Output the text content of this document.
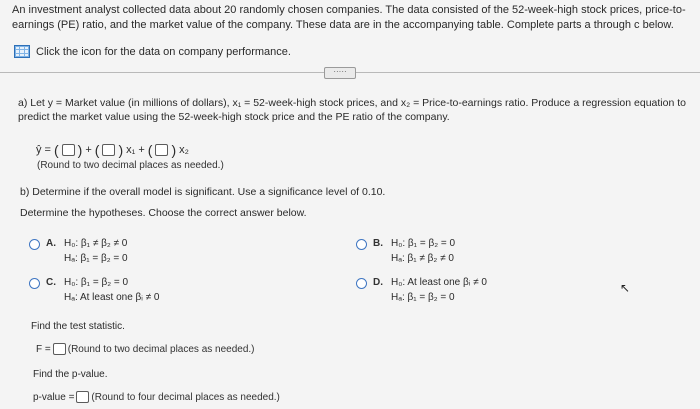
An investment analyst collected data about 20 randomly chosen companies. The data consisted of the 52-week-high stock prices, price-to-earnings (PE) ratio, and the market value of the company. These data are in the accompanying table. Complete parts a through c below.
Click the icon for the data on company performance.
·····
a) Let y = Market value (in millions of dollars), x₁ = 52-week-high stock prices, and x₂ = Price-to-earnings ratio. Produce a regression equation to predict the market value using the 52-week-high stock price and the PE ratio of the company.
ŷ = ( ) + ( ) x₁ + ( ) x₂
(Round to two decimal places as needed.)
b) Determine if the overall model is significant. Use a significance level of 0.10.
Determine the hypotheses. Choose the correct answer below.
A. H₀: β₁ ≠ β₂ ≠ 0
Hₐ: β₁ = β₂ = 0
B. H₀: β₁ = β₂ = 0
Hₐ: β₁ ≠ β₂ ≠ 0
C. H₀: β₁ = β₂ = 0
Hₐ: At least one βᵢ ≠ 0
D. H₀: At least one βᵢ ≠ 0
Hₐ: β₁ = β₂ = 0
Find the test statistic.
F = (Round to two decimal places as needed.)
Find the p-value.
p-value = (Round to four decimal places as needed.)
↖
